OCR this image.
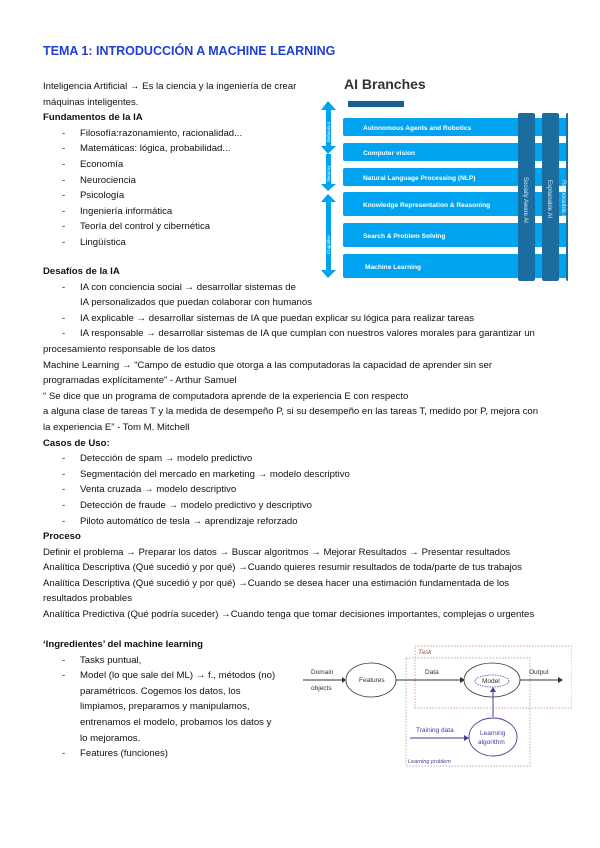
TEMA 1: INTRODUCCIÓN A MACHINE LEARNING
Inteligencia Artificial → Es la ciencia y la ingeniería de crear
máquinas inteligentes.
Fundamentos de la IA
- Filosofía:razonamiento, racionalidad...
- Matemáticas: lógica, probabilidad...
- Economía
- Neurociencia
- Psicología
- Ingeniería informática
- Teoría del control y cibernética
- Lingüística
AI Branches
Autonomous Agents and Robotics
Computer vision
Natural Language Processing (NLP)
Knowledge Representation & Reasoning
Search & Problem Solving
Machine Learning
Socially Aware AI	Explainable AI Responsible AI
Behaviour
Sensory
Cognitive
Desafíos de la IA
- IA con conciencia social → desarrollar sistemas de
IA personalizados que puedan colaborar con humanos
- IA explicable → desarrollar sistemas de IA que puedan explicar su lógica para realizar tareas
- IA responsable → desarrollar sistemas de IA que cumplan con nuestros valores morales para garantizar un
procesamiento responsable de los datos
Machine Learning → “Campo de estudio que otorga a las computadoras la capacidad de aprender sin ser
programadas explícitamente” - Arthur Samuel
“ Se dice que un programa de computadora aprende de la experiencia E con respecto
a alguna clase de tareas T y la medida de desempeño P, si su desempeño en las tareas T, medido por P, mejora con
la experiencia E” - Tom M. Mitchell
Casos de Uso:
- Detección de spam → modelo predictivo
- Segmentación del mercado en marketing → modelo descriptivo
- Venta cruzada → modelo descriptivo
- Detección de fraude → modelo predictivo y descriptivo
- Piloto automático de tesla → aprendizaje reforzado
Proceso
Definir el problema → Preparar los datos → Buscar algoritmos → Mejorar Resultados → Presentar resultados
Analítica Descriptiva (Qué sucedió y por qué) →Cuando quieres resumir resultados de toda/parte de tus trabajos
Analítica Descriptiva (Qué sucedió y por qué) →Cuando se desea hacer una estimación fundamentada de los
resultados probables
Analítica Predictiva (Qué podría suceder) →Cuando tenga que tomar decisiones importantes, complejas o urgentes
‘Ingredientes’ del machine learning
- Tasks puntual,
- Model (lo que sale del ML) → f., métodos (no)
paramétricos. Cogemos los datos, los
limpiamos, preparamos y manipulamos,
entrenamos el modelo, probamos los datos y
lo mejoramos.
- Features (funciones)
Task
Domain
objects
Features
Data
Model
Output
Learning
algorithm
Training data
Learning problem
